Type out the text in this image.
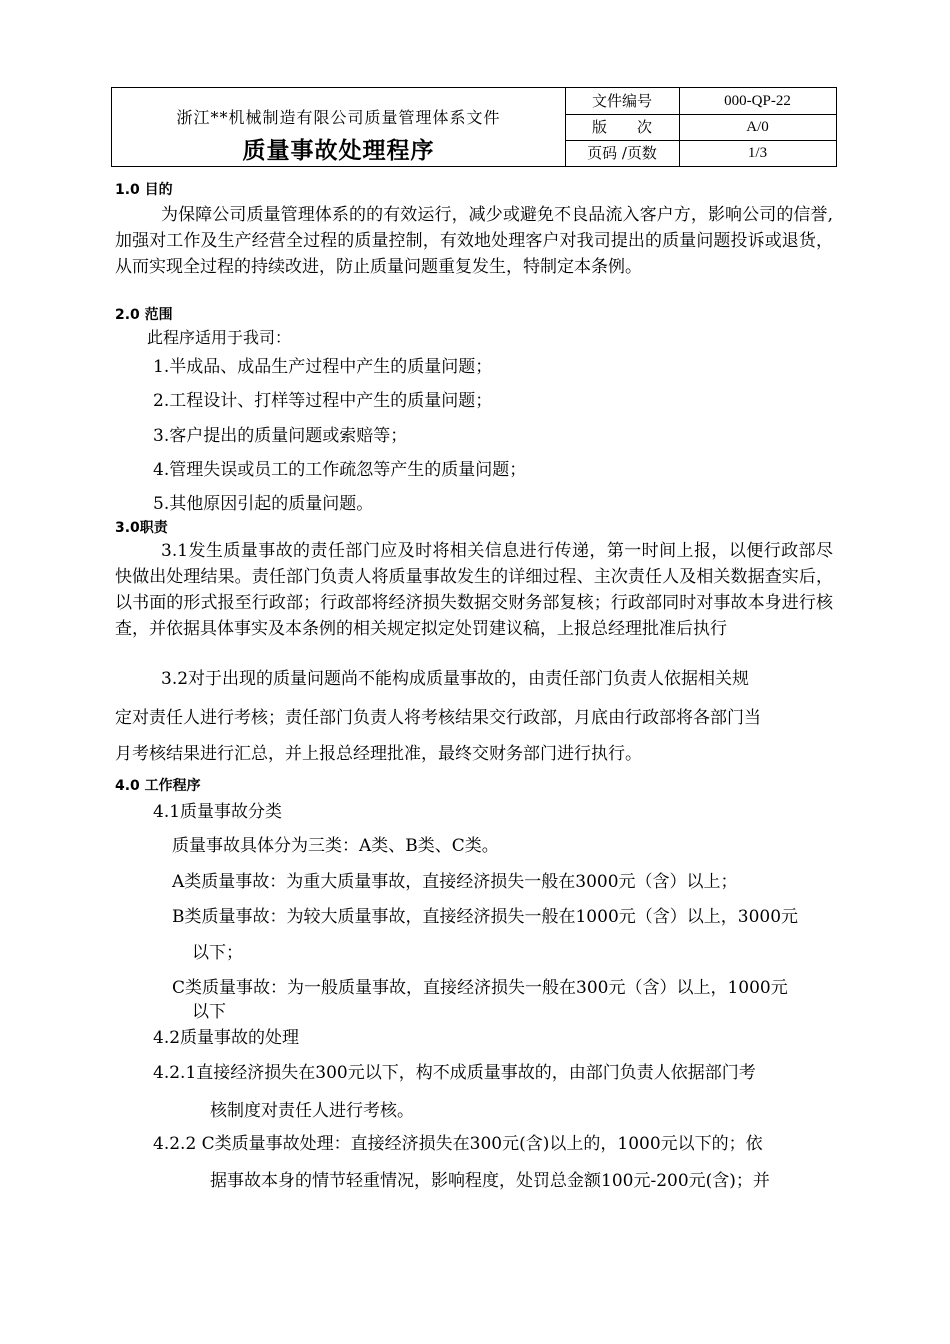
浙江**机械制造有限公司质量管理体系文件
质量事故处理程序
文件编号	000-QP-22
版　　次	A/0
页码 /页数	1/3
1.0 目的
为保障公司质量管理体系的的有效运行，减少或避免不良品流入客户方，影响公司的信誉,加强对工作及生产经营全过程的质量控制，有效地处理客户对我司提出的质量问题投诉或退货，从而实现全过程的持续改进，防止质量问题重复发生，特制定本条例。
2.0 范围
此程序适用于我司：
1.半成品、成品生产过程中产生的质量问题；
2.工程设计、打样等过程中产生的质量问题；
3.客户提出的质量问题或索赔等；
4.管理失误或员工的工作疏忽等产生的质量问题；
5.其他原因引起的质量问题。
3.0职责
3.1发生质量事故的责任部门应及时将相关信息进行传递，第一时间上报，以便行政部尽快做出处理结果。责任部门负责人将质量事故发生的详细过程、主次责任人及相关数据查实后，以书面的形式报至行政部；行政部将经济损失数据交财务部复核；行政部同时对事故本身进行核查，并依据具体事实及本条例的相关规定拟定处罚建议稿，上报总经理批准后执行
3.2对于出现的质量问题尚不能构成质量事故的，由责任部门负责人依据相关规
定对责任人进行考核；责任部门负责人将考核结果交行政部，月底由行政部将各部门当
月考核结果进行汇总，并上报总经理批准，最终交财务部门进行执行。
4.0 工作程序
4.1质量事故分类
质量事故具体分为三类：A类、B类、C类。
A类质量事故：为重大质量事故，直接经济损失一般在3000元（含）以上；
B类质量事故：为较大质量事故，直接经济损失一般在1000元（含）以上，3000元
以下；
C类质量事故：为一般质量事故，直接经济损失一般在300元（含）以上，1000元
以下
4.2质量事故的处理
4.2.1直接经济损失在300元以下，构不成质量事故的，由部门负责人依据部门考
核制度对责任人进行考核。
4.2.2 C类质量事故处理：直接经济损失在300元(含)以上的，1000元以下的；依
据事故本身的情节轻重情况，影响程度，处罚总金额100元-200元(含)；并
